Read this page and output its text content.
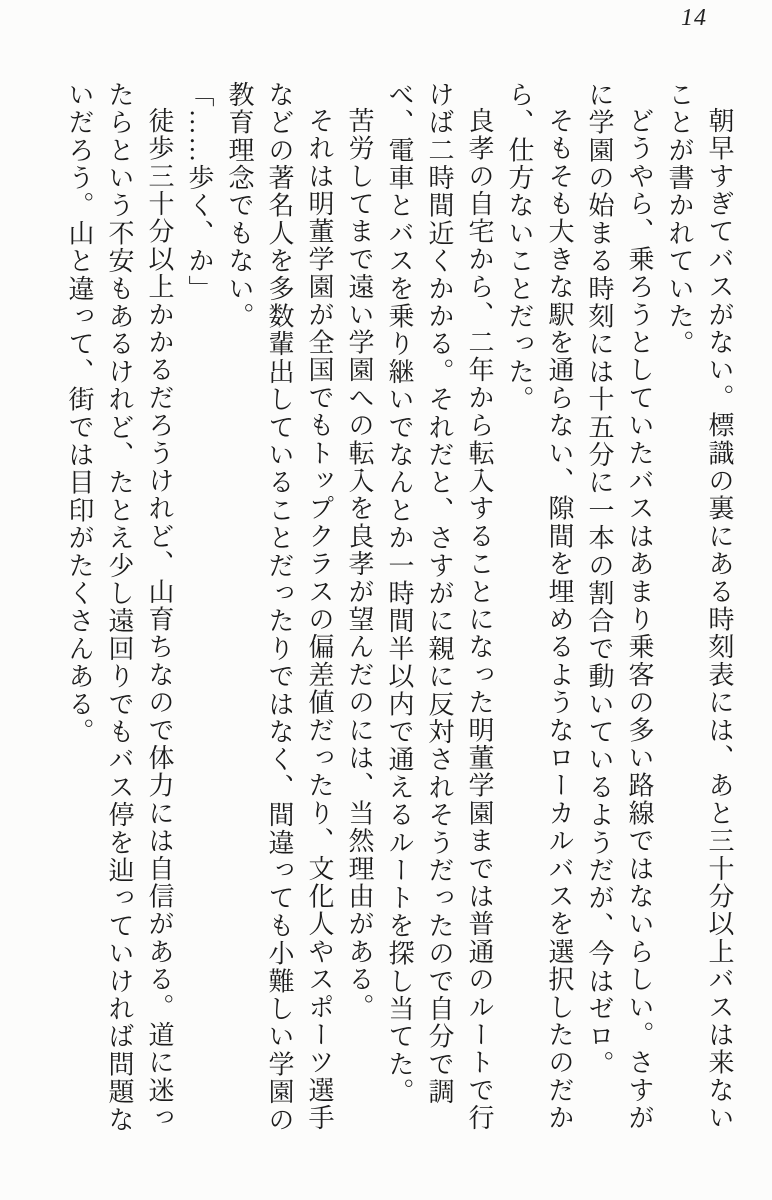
14

朝早すぎてバスがない。標識の裏にある時刻表には、あと三十分以上バスは来ないことが書かれていた。

どうやら、乗ろうとしていたバスはあまり乗客の多い路線ではないらしい。さすがに学園の始まる時刻には十五分に一本の割合で動いているようだが、今はゼロ。

そもそも大きな駅を通らない、隙間を埋めるようなローカルバスを選択したのだから、仕方ないことだった。

良孝の自宅から、二年から転入することになった明董学園までは普通のルートで行けば二時間近くかかる。それだと、さすがに親に反対されそうだったので自分で調べ、電車とバスを乗り継いでなんとか一時間半以内で通えるルートを探し当てた。

苦労してまで遠い学園への転入を良孝が望んだのには、当然理由がある。

それは明董学園が全国でもトップクラスの偏差値だったり、文化人やスポーツ選手などの著名人を多数輩出していることだったりではなく、間違っても小難しい学園の教育理念でもない。

「……歩く、か」

徒歩三十分以上かかるだろうけれど、山育ちなので体力には自信がある。道に迷ったらという不安もあるけれど、たとえ少し遠回りでもバス停を辿っていければ問題ないだろう。山と違って、街では目印がたくさんある。
